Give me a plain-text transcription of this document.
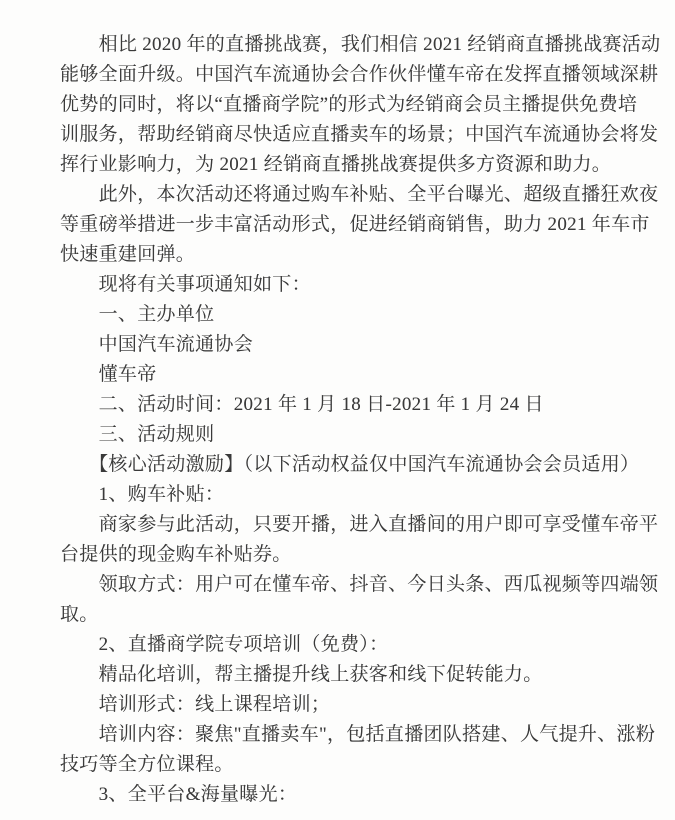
　　相比 2020 年的直播挑战赛，我们相信 2021 经销商直播挑战赛活动
能够全面升级。中国汽车流通协会合作伙伴懂车帝在发挥直播领域深耕
优势的同时，将以“直播商学院”的形式为经销商会员主播提供免费培
训服务，帮助经销商尽快适应直播卖车的场景；中国汽车流通协会将发
挥行业影响力，为 2021 经销商直播挑战赛提供多方资源和助力。
　　此外，本次活动还将通过购车补贴、全平台曝光、超级直播狂欢夜
等重磅举措进一步丰富活动形式，促进经销商销售，助力 2021 年车市
快速重建回弹。
　　现将有关事项通知如下：
　　一、主办单位
　　中国汽车流通协会
　　懂车帝
　　二、活动时间：2021 年 1 月 18 日-2021 年 1 月 24 日
　　三、活动规则
　　【核心活动激励】（以下活动权益仅中国汽车流通协会会员适用）
　　1、购车补贴：
　　商家参与此活动，只要开播，进入直播间的用户即可享受懂车帝平
台提供的现金购车补贴券。
　　领取方式：用户可在懂车帝、抖音、今日头条、西瓜视频等四端领
取。
　　2、直播商学院专项培训（免费）：
　　精品化培训，帮主播提升线上获客和线下促转能力。
　　培训形式：线上课程培训；
　　培训内容：聚焦"直播卖车"，包括直播团队搭建、人气提升、涨粉
技巧等全方位课程。
　　3、全平台&海量曝光：
